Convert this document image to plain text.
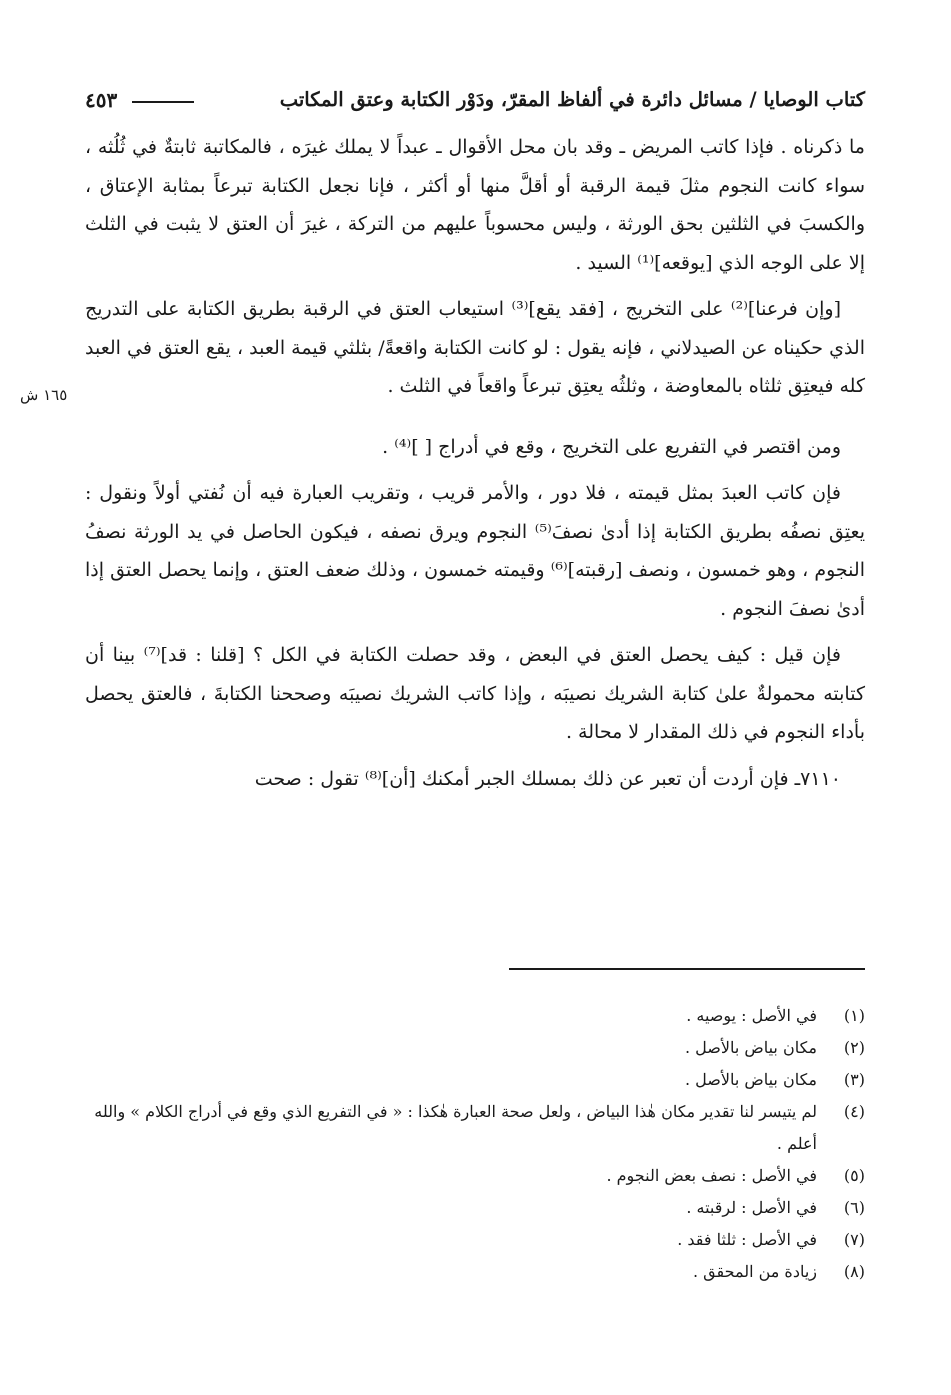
كتاب الوصايا / مسائل دائرة في ألفاظ المقرّ، ودَوْر الكتابة وعتق المكاتب
٤٥٣
١٦٥ ش

ما ذكرناه . فإذا كاتب المريض ـ وقد بان محل الأقوال ـ عبداً لا يملك غيرَه ، فالمكاتبة ثابتةٌ في ثُلُثه ، سواء كانت النجوم مثلَ قيمة الرقبة أو أقلَّ منها أو أكثر ، فإنا نجعل الكتابة تبرعاً بمثابة الإعتاق ، والكسبَ في الثلثين بحق الورثة ، وليس محسوباً عليهم من التركة ، غيرَ أن العتق لا يثبت في الثلث إلا على الوجه الذي [يوقعه]⁽¹⁾ السيد .

[وإن فرعنا]⁽²⁾ على التخريج ، [فقد يقع]⁽³⁾ استيعاب العتق في الرقبة بطريق الكتابة على التدريج الذي حكيناه عن الصيدلاني ، فإنه يقول : لو كانت الكتابة واقعةً/ بثلثي قيمة العبد ، يقع العتق في العبد كله فيعتِق ثلثاه بالمعاوضة ، وثلثُه يعتِق تبرعاً واقعاً في الثلث .

ومن اقتصر في التفريع على التخريج ، وقع في أدراج [ ]⁽⁴⁾ .

فإن كاتب العبدَ بمثل قيمته ، فلا دور ، والأمر قريب ، وتقريب العبارة فيه أن نُفتي أولاً ونقول : يعتِق نصفُه بطريق الكتابة إذا أدىٰ نصفَ⁽⁵⁾ النجوم ويرق نصفه ، فيكون الحاصل في يد الورثة نصفُ النجوم ، وهو خمسون ، ونصف [رقبته]⁽⁶⁾ وقيمته خمسون ، وذلك ضعف العتق ، وإنما يحصل العتق إذا أدىٰ نصفَ النجوم .

فإن قيل : كيف يحصل العتق في البعض ، وقد حصلت الكتابة في الكل ؟ [قلنا : قد]⁽⁷⁾ بينا أن كتابته محمولةٌ علىٰ كتابة الشريك نصيبَه ، وإذا كاتب الشريك نصيبَه وصححنا الكتابةَ ، فالعتق يحصل بأداء النجوم في ذلك المقدار لا محالة .

٧١١٠ـ فإن أردت أن تعبر عن ذلك بمسلك الجبر أمكنك [أن]⁽⁸⁾ تقول : صحت

(١)
في الأصل : يوصيه .
(٢)
مكان بياض بالأصل .
(٣)
مكان بياض بالأصل .
(٤)
لم يتيسر لنا تقدير مكان هٰذا البياض ، ولعل صحة العبارة هٰكذا : « في التفريع الذي وقع في أدراج الكلام » والله أعلم .
(٥)
في الأصل : نصف بعض النجوم .
(٦)
في الأصل : لرقبته .
(٧)
في الأصل : ثلثا فقد .
(٨)
زيادة من المحقق .
